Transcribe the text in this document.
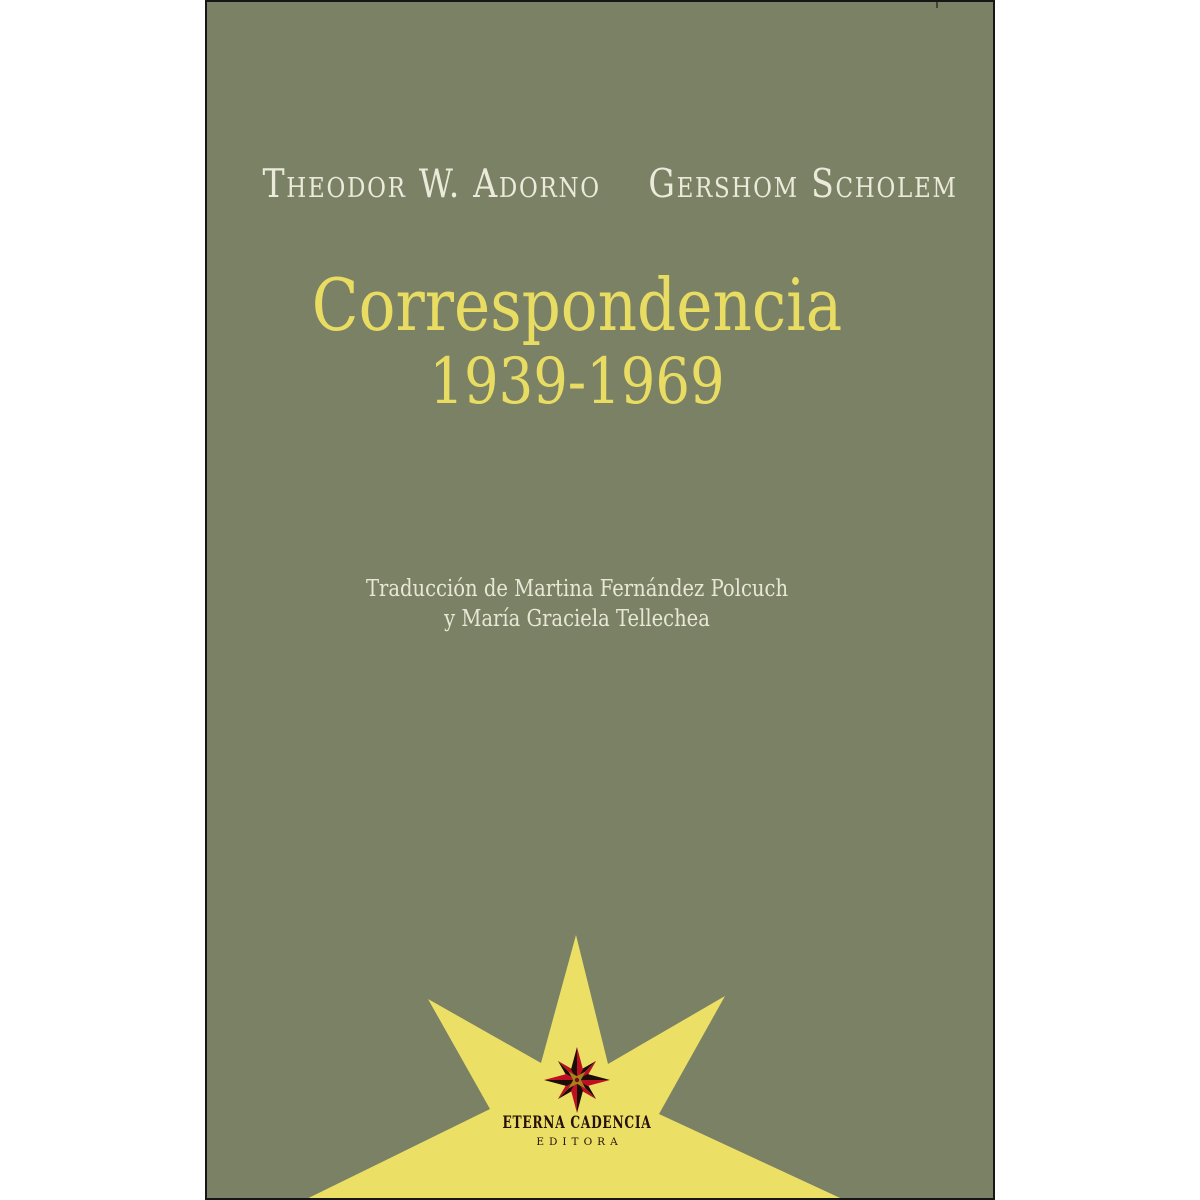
Theodor W. Adorno Gershom Scholem
Correspondencia
1939-1969
Traducción de Martina Fernández Polcuch
y María Graciela Tellechea
ETERNA CADENCIA
EDITORA
